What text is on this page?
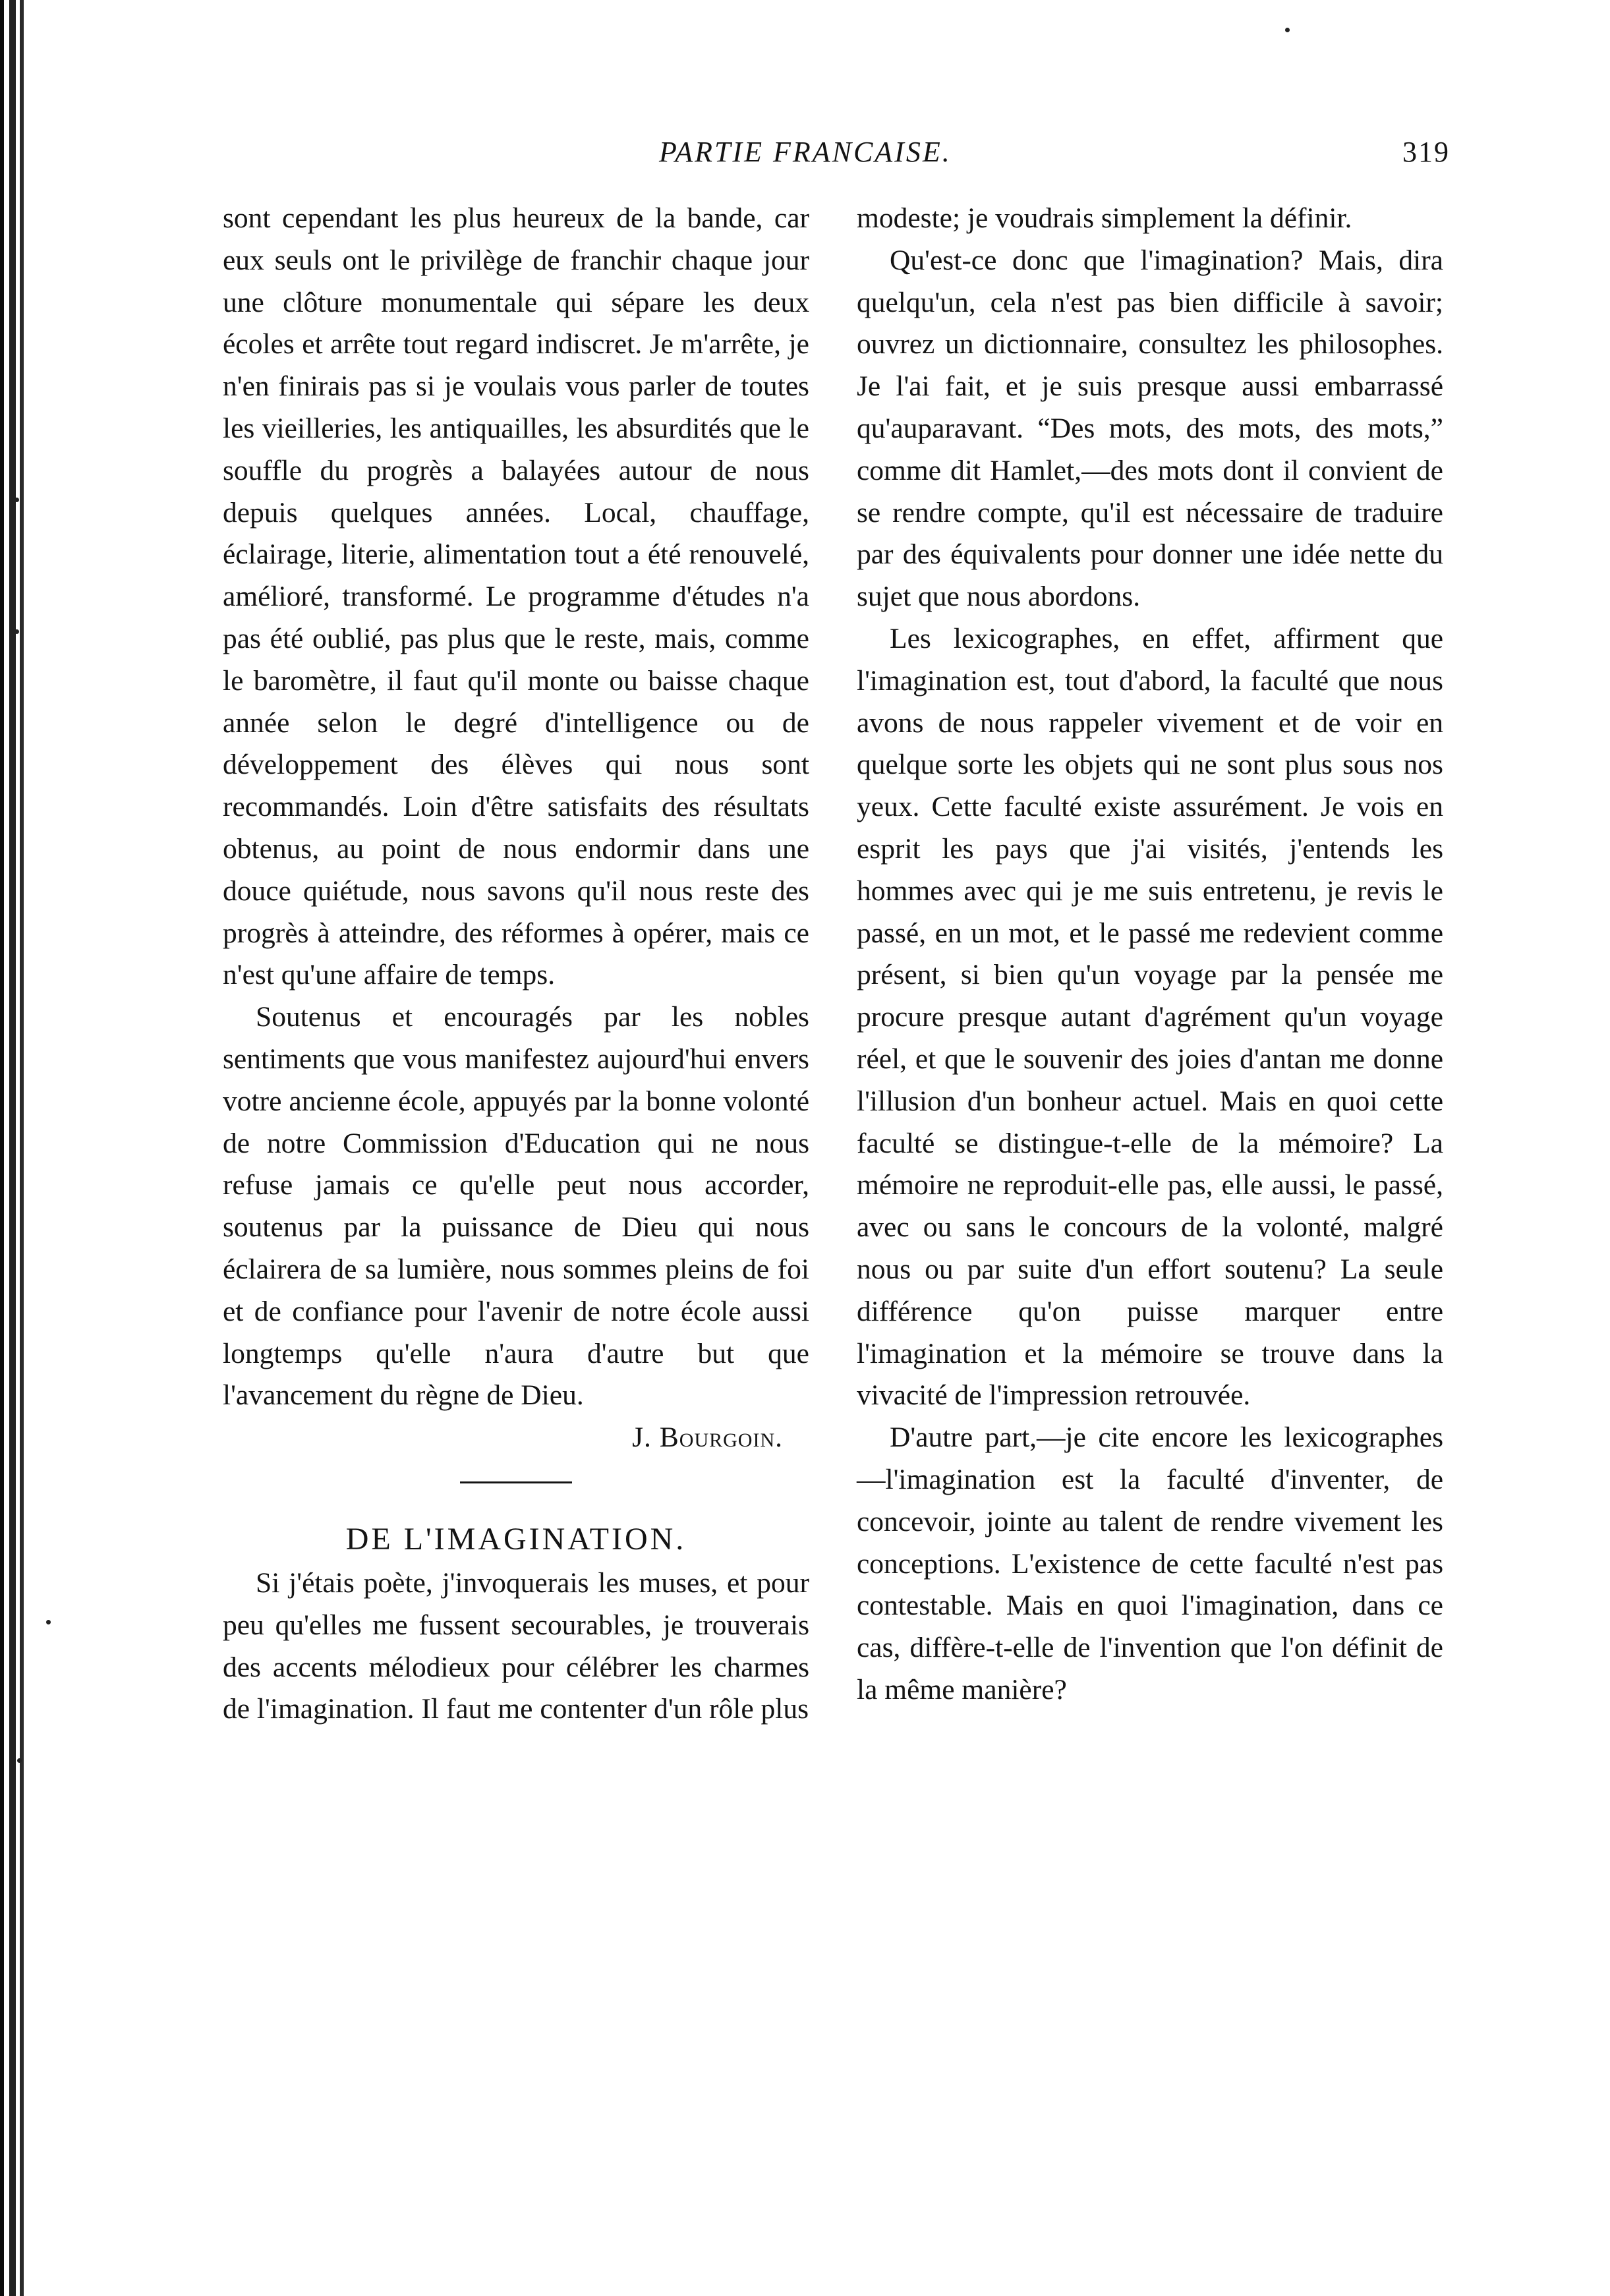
PARTIE FRANCAISE.	319

sont cependant les plus heureux de la bande, car eux seuls ont le privilège de franchir chaque jour une clôture monumentale qui sépare les deux écoles et arrête tout regard indiscret. Je m'arrête, je n'en finirais pas si je voulais vous parler de toutes les vieilleries, les antiquailles, les absurdités que le souffle du progrès a balayées autour de nous depuis quelques années. Local, chauffage, éclairage, literie, alimentation tout a été renouvelé, amélioré, transformé. Le programme d'études n'a pas été oublié, pas plus que le reste, mais, comme le baromètre, il faut qu'il monte ou baisse chaque année selon le degré d'intelligence ou de développement des élèves qui nous sont recommandés. Loin d'être satisfaits des résultats obtenus, au point de nous endormir dans une douce quiétude, nous savons qu'il nous reste des progrès à atteindre, des réformes à opérer, mais ce n'est qu'une affaire de temps.

Soutenus et encouragés par les nobles sentiments que vous manifestez aujourd'hui envers votre ancienne école, appuyés par la bonne volonté de notre Commission d'Education qui ne nous refuse jamais ce qu'elle peut nous accorder, soutenus par la puissance de Dieu qui nous éclairera de sa lumière, nous sommes pleins de foi et de confiance pour l'avenir de notre école aussi longtemps qu'elle n'aura d'autre but que l'avancement du règne de Dieu.

J. Bourgoin.

DE L'IMAGINATION.

Si j'étais poète, j'invoquerais les muses, et pour peu qu'elles me fussent secourables, je trouverais des accents mélodieux pour célébrer les charmes de l'imagination. Il faut me contenter d'un rôle plus

modeste; je voudrais simplement la définir.

Qu'est-ce donc que l'imagination? Mais, dira quelqu'un, cela n'est pas bien difficile à savoir; ouvrez un dictionnaire, consultez les philosophes. Je l'ai fait, et je suis presque aussi embarrassé qu'auparavant. “Des mots, des mots, des mots,” comme dit Hamlet,—des mots dont il convient de se rendre compte, qu'il est nécessaire de traduire par des équivalents pour donner une idée nette du sujet que nous abordons.

Les lexicographes, en effet, affirment que l'imagination est, tout d'abord, la faculté que nous avons de nous rappeler vivement et de voir en quelque sorte les objets qui ne sont plus sous nos yeux. Cette faculté existe assurément. Je vois en esprit les pays que j'ai visités, j'entends les hommes avec qui je me suis entretenu, je revis le passé, en un mot, et le passé me redevient comme présent, si bien qu'un voyage par la pensée me procure presque autant d'agrément qu'un voyage réel, et que le souvenir des joies d'antan me donne l'illusion d'un bonheur actuel. Mais en quoi cette faculté se distingue-t-elle de la mémoire? La mémoire ne reproduit-elle pas, elle aussi, le passé, avec ou sans le concours de la volonté, malgré nous ou par suite d'un effort soutenu? La seule différence qu'on puisse marquer entre l'imagination et la mémoire se trouve dans la vivacité de l'impression retrouvée.

D'autre part,—je cite encore les lexicographes—l'imagination est la faculté d'inventer, de concevoir, jointe au talent de rendre vivement les conceptions. L'existence de cette faculté n'est pas contestable. Mais en quoi l'imagination, dans ce cas, diffère-t-elle de l'invention que l'on définit de la même manière?
